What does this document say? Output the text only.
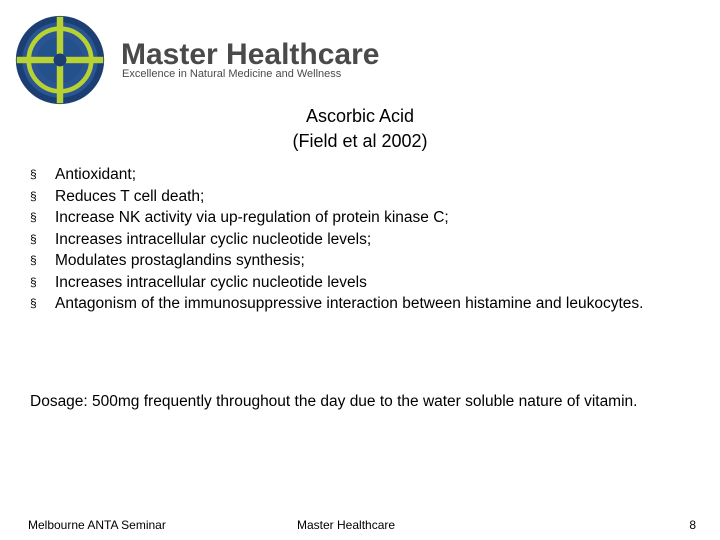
Master Healthcare
Excellence in Natural Medicine and Wellness
Ascorbic Acid
(Field et al 2002)
§	Antioxidant;
§	Reduces T cell death;
§	Increase NK activity via up-regulation of protein kinase C;
§	Increases intracellular cyclic nucleotide levels;
§	Modulates prostaglandins synthesis;
§	Increases intracellular cyclic nucleotide levels
§	Antagonism of the immunosuppressive interaction between histamine and leukocytes.
Dosage: 500mg frequently throughout the day due to the water soluble nature of vitamin.
Melbourne ANTA Seminar	Master Healthcare	8
